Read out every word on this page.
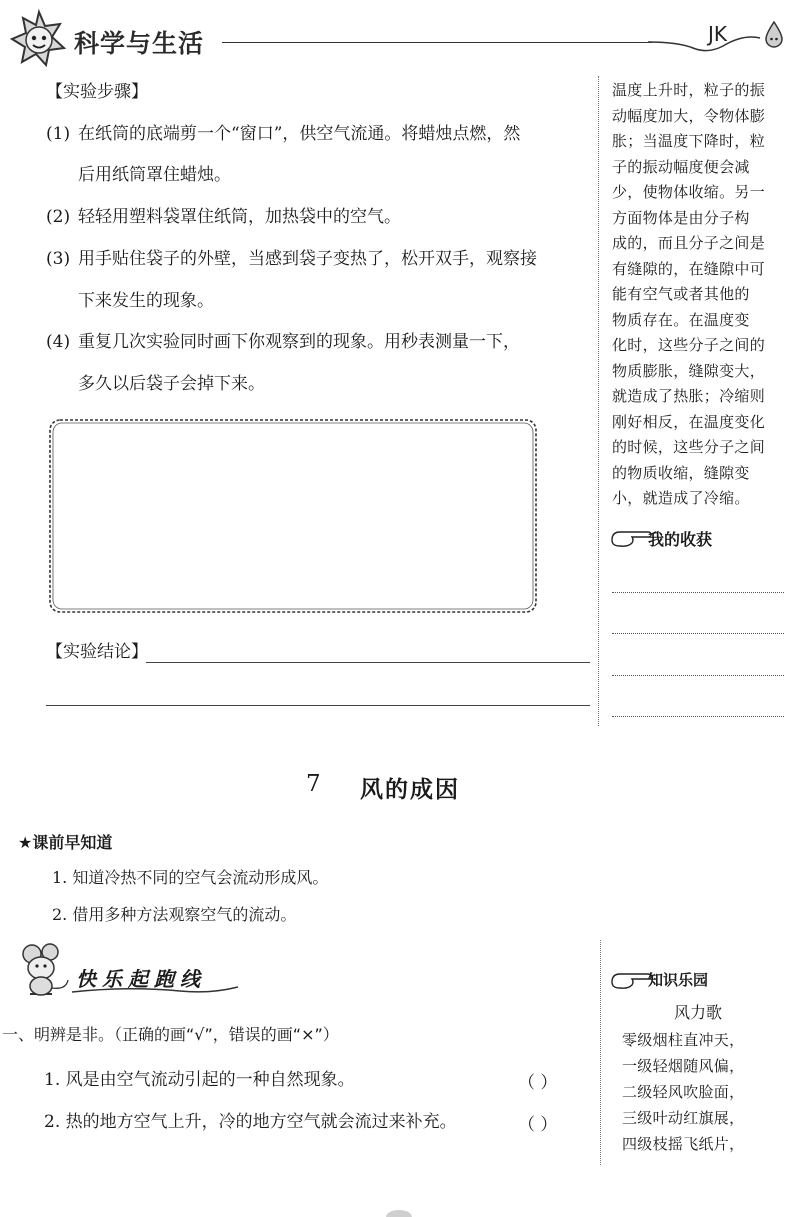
科学与生活	JK
【实验步骤】
(1) 在纸筒的底端剪一个“窗口”，供空气流通。将蜡烛点燃，然
后用纸筒罩住蜡烛。
(2) 轻轻用塑料袋罩住纸筒，加热袋中的空气。
(3) 用手贴住袋子的外壁，当感到袋子变热了，松开双手，观察接
下来发生的现象。
(4) 重复几次实验同时画下你观察到的现象。用秒表测量一下，
多久以后袋子会掉下来。
【实验结论】
温度上升时，粒子的振
动幅度加大，令物体膨
胀；当温度下降时，粒
子的振动幅度便会减
少，使物体收缩。另一
方面物体是由分子构
成的，而且分子之间是
有缝隙的，在缝隙中可
能有空气或者其他的
物质存在。在温度变
化时，这些分子之间的
物质膨胀，缝隙变大，
就造成了热胀；冷缩则
刚好相反，在温度变化
的时候，这些分子之间
的物质收缩，缝隙变
小，就造成了冷缩。
我的收获
7 风的成因
★课前早知道
1. 知道冷热不同的空气会流动形成风。
2. 借用多种方法观察空气的流动。
快乐起跑线
一、明辨是非。（正确的画“√”，错误的画“×”）
1. 风是由空气流动引起的一种自然现象。	（ ）
2. 热的地方空气上升，冷的地方空气就会流过来补充。	（ ）
知识乐园
风力歌
零级烟柱直冲天，
一级轻烟随风偏，
二级轻风吹脸面，
三级叶动红旗展，
四级枝摇飞纸片，
